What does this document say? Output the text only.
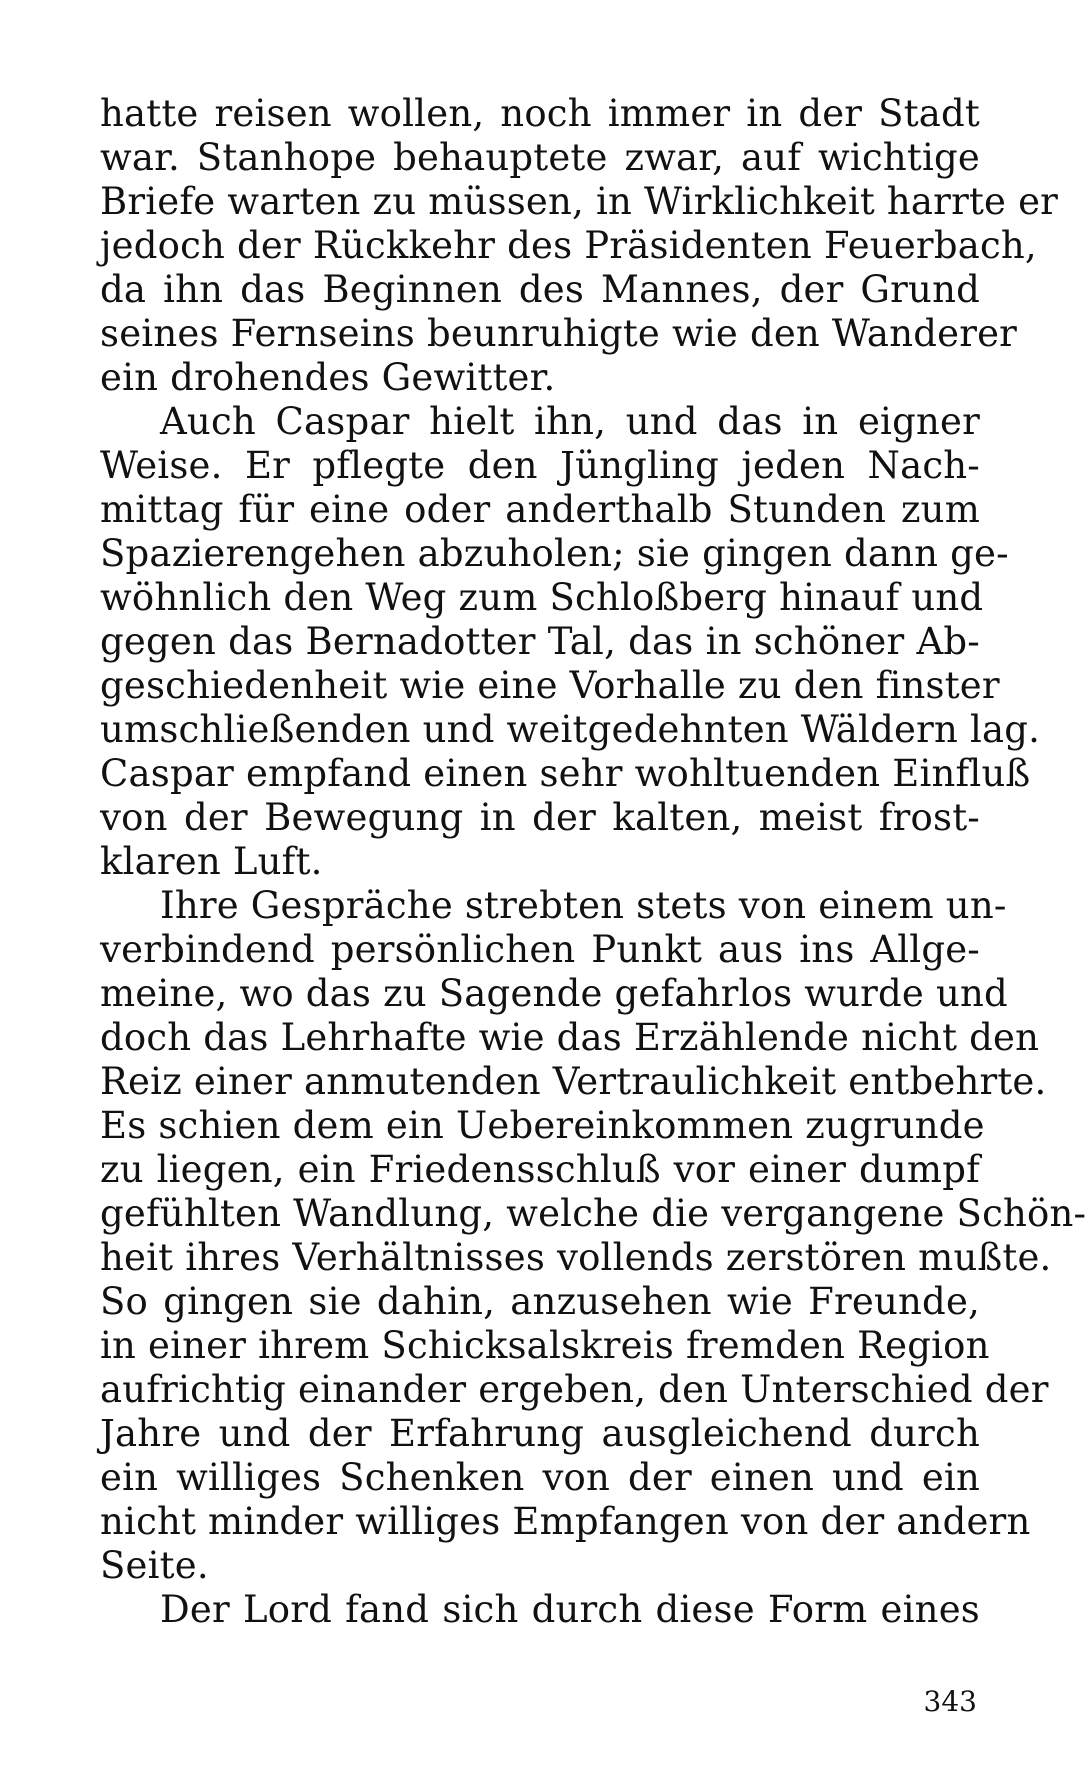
hatte reisen wollen, noch immer in der Stadt
war. Stanhope behauptete zwar, auf wichtige
Briefe warten zu müssen, in Wirklichkeit harrte er
jedoch der Rückkehr des Präsidenten Feuerbach,
da ihn das Beginnen des Mannes, der Grund
seines Fernseins beunruhigte wie den Wanderer
ein drohendes Gewitter.
Auch Caspar hielt ihn, und das in eigner
Weise. Er pflegte den Jüngling jeden Nach-
mittag für eine oder anderthalb Stunden zum
Spazierengehen abzuholen; sie gingen dann ge-
wöhnlich den Weg zum Schloßberg hinauf und
gegen das Bernadotter Tal, das in schöner Ab-
geschiedenheit wie eine Vorhalle zu den finster
umschließenden und weitgedehnten Wäldern lag.
Caspar empfand einen sehr wohltuenden Einfluß
von der Bewegung in der kalten, meist frost-
klaren Luft.
Ihre Gespräche strebten stets von einem un-
verbindend persönlichen Punkt aus ins Allge-
meine, wo das zu Sagende gefahrlos wurde und
doch das Lehrhafte wie das Erzählende nicht den
Reiz einer anmutenden Vertraulichkeit entbehrte.
Es schien dem ein Uebereinkommen zugrunde
zu liegen, ein Friedensschluß vor einer dumpf
gefühlten Wandlung, welche die vergangene Schön-
heit ihres Verhältnisses vollends zerstören mußte.
So gingen sie dahin, anzusehen wie Freunde,
in einer ihrem Schicksalskreis fremden Region
aufrichtig einander ergeben, den Unterschied der
Jahre und der Erfahrung ausgleichend durch
ein williges Schenken von der einen und ein
nicht minder williges Empfangen von der andern
Seite.
Der Lord fand sich durch diese Form eines
343
